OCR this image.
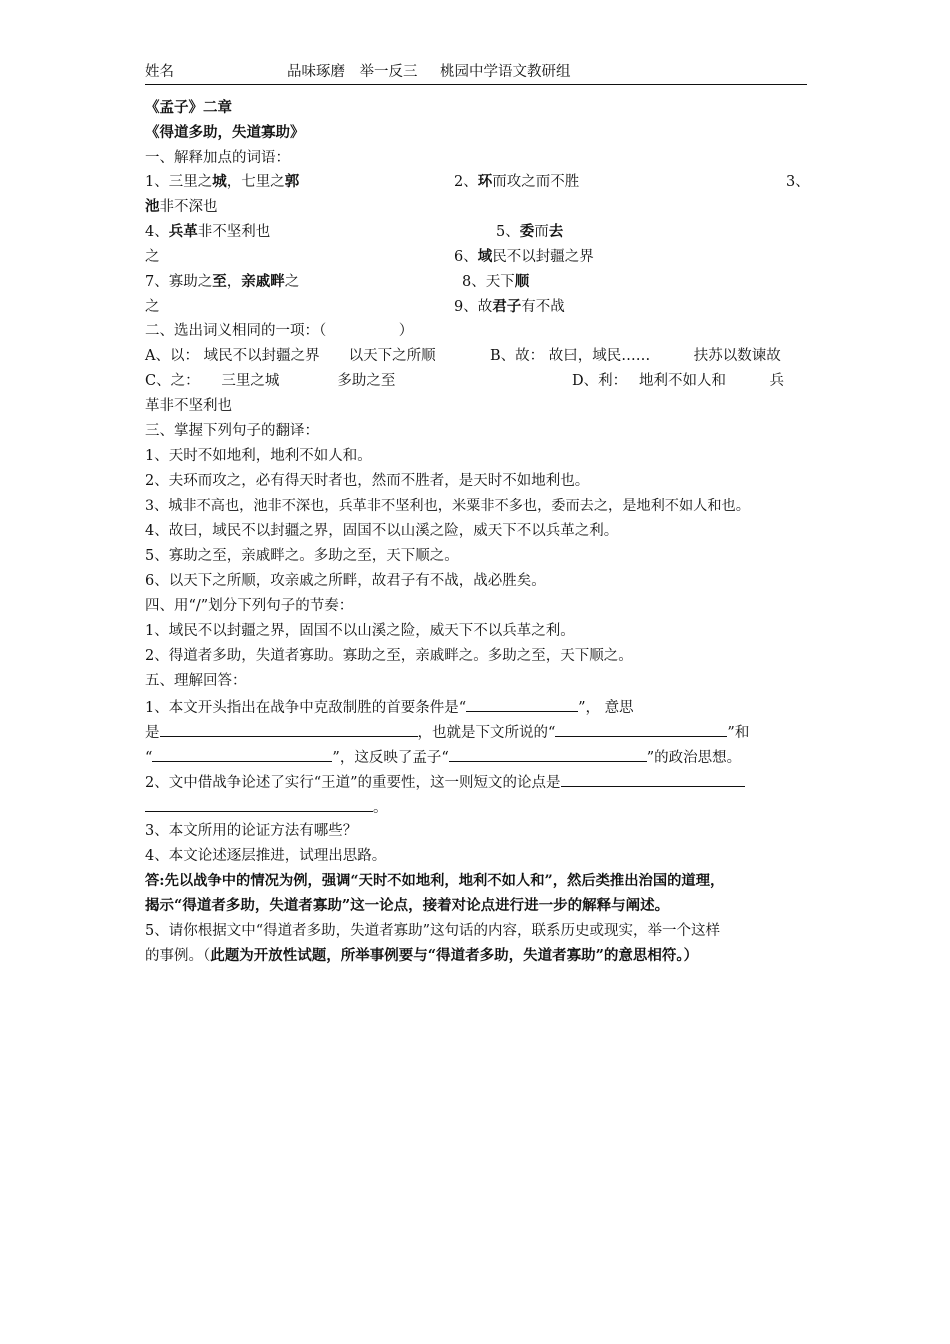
姓名	品味琢磨　举一反三 桃园中学语文教研组
《孟子》二章
《得道多助，失道寡助》
一、解释加点的词语：
1、三里之城，七里之郭	2、环而攻之而不胜	3、
池非不深也
4、兵革非不坚利也	5、委而去
之	6、域民不以封疆之界
7、寡助之至，亲戚畔之	8、天下顺
之	9、故君子有不战
二、选出词义相同的一项：（　　　　　）
A、以： 域民不以封疆之界　　以天下之所顺	B、故： 故曰，域民……　　　扶苏以数谏故
C、之：　　三里之城　　　　多助之至	D、利：　 地利不如人和　　　兵
革非不坚利也
三、掌握下列句子的翻译：
1、天时不如地利，地利不如人和。
2、夫环而攻之，必有得天时者也，然而不胜者，是天时不如地利也。
3、城非不高也，池非不深也，兵革非不坚利也，米粟非不多也，委而去之，是地利不如人和也。
4、故曰，域民不以封疆之界，固国不以山溪之险，威天下不以兵革之利。
5、寡助之至，亲戚畔之。多助之至，天下顺之。
6、以天下之所顺，攻亲戚之所畔，故君子有不战，战必胜矣。
四、用“/”划分下列句子的节奏：
1、域民不以封疆之界，固国不以山溪之险，威天下不以兵革之利。
2、得道者多助，失道者寡助。寡助之至，亲戚畔之。多助之至，天下顺之。
五、理解回答：
1、本文开头指出在战争中克敌制胜的首要条件是“	”， 意思
是	，也就是下文所说的“	”和
“	”，这反映了孟子“	”的政治思想。
2、文中借战争论述了实行“王道”的重要性，这一则短文的论点是
。
3、本文所用的论证方法有哪些？
4、本文论述逐层推进，试理出思路。
答:先以战争中的情况为例，强调“天时不如地利，地利不如人和”，然后类推出治国的道理，
揭示“得道者多助，失道者寡助”这一论点，接着对论点进行进一步的解释与阐述。
5、请你根据文中“得道者多助，失道者寡助”这句话的内容，联系历史或现实，举一个这样
的事例。（此题为开放性试题，所举事例要与“得道者多助，失道者寡助”的意思相符。）
